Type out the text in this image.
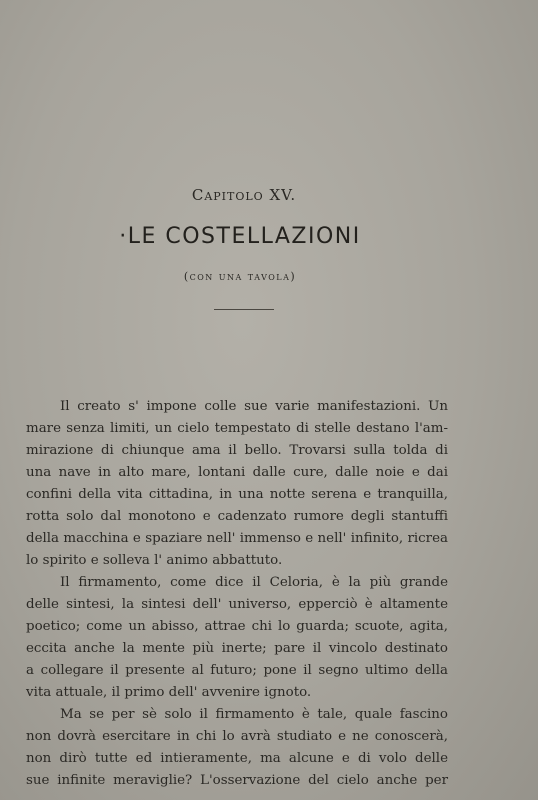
Capitolo XV.
·LE COSTELLAZIONI
(con una tavola)
Il creato s' impone colle sue varie manifestazioni. Un
mare senza limiti, un cielo tempestato di stelle destano l'am-
mirazione di chiunque ama il bello. Trovarsi sulla tolda di
una nave in alto mare, lontani dalle cure, dalle noie e dai
confini della vita cittadina, in una notte serena e tranquilla,
rotta solo dal monotono e cadenzato rumore degli stantuffi
della macchina e spaziare nell' immenso e nell' infinito, ricrea
lo spirito e solleva l' animo abbattuto.
Il firmamento, come dice il Celoria, è la più grande
delle sintesi, la sintesi dell' universo, epperciò è altamente
poetico; come un abisso, attrae chi lo guarda; scuote, agita,
eccita anche la mente più inerte; pare il vincolo destinato
a collegare il presente al futuro; pone il segno ultimo della
vita attuale, il primo dell' avvenire ignoto.
Ma se per sè solo il firmamento è tale, quale fascino
non dovrà esercitare in chi lo avrà studiato e ne conoscerà,
non dirò tutte ed intieramente, ma alcune e di volo delle
sue infinite meraviglie? L'osservazione del cielo anche per
